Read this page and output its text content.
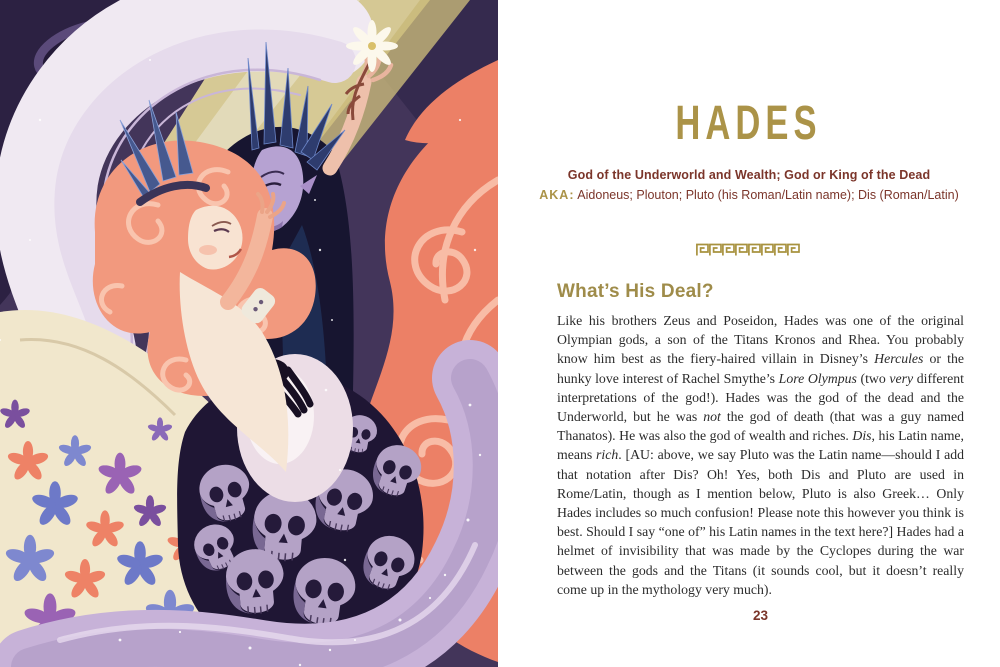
HADES

God of the Underworld and Wealth; God or King of the Dead

AKA: Aidoneus; Plouton; Pluto (his Roman/Latin name); Dis (Roman/Latin)

What’s His Deal?

Like his brothers Zeus and Poseidon, Hades was one of the original Olympian gods, a son of the Titans Kronos and Rhea. You probably know him best as the fiery-haired villain in Disney’s Hercules or the hunky love interest of Rachel Smythe’s Lore Olympus (two very different interpretations of the god!). Hades was the god of the dead and the Underworld, but he was not the god of death (that was a guy named Thanatos). He was also the god of wealth and riches. Dis, his Latin name, means rich. [AU: above, we say Pluto was the Latin name—should I add that notation after Dis? Oh! Yes, both Dis and Pluto are used in Rome/Latin, though as I mention below, Pluto is also Greek… Only Hades includes so much confusion! Please note this however you think is best. Should I say “one of” his Latin names in the text here?] Hades had a helmet of invisibility that was made by the Cyclopes during the war between the gods and the Titans (it sounds cool, but it doesn’t really come up in the mythology very much).

23
